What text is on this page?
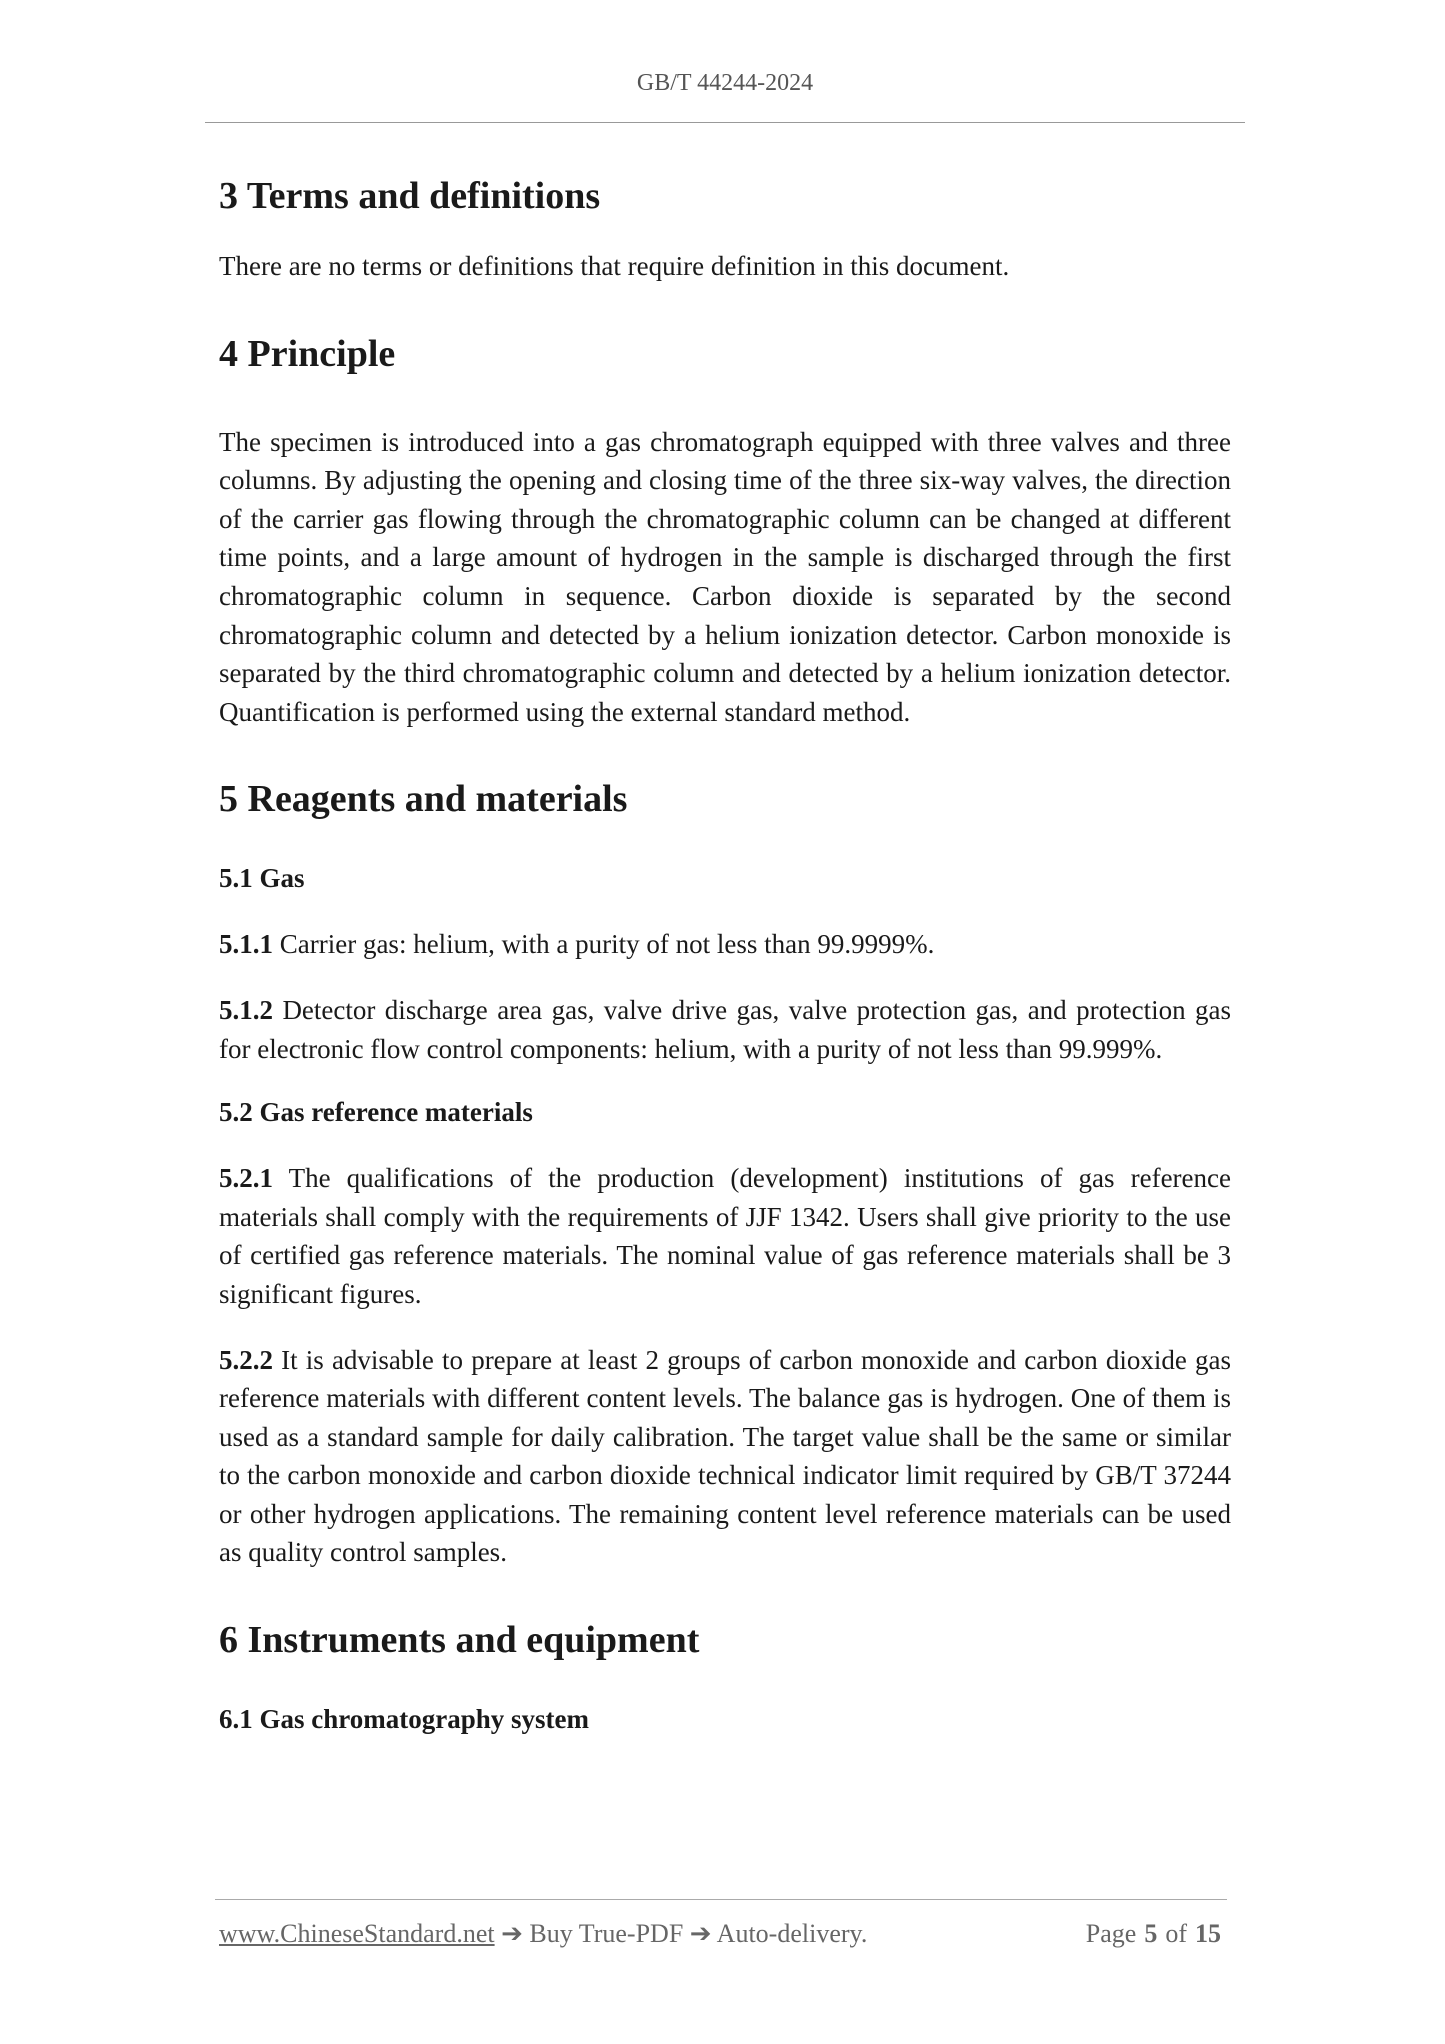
GB/T 44244-2024
3 Terms and definitions

There are no terms or definitions that require definition in this document.

4 Principle

The specimen is introduced into a gas chromatograph equipped with three valves and three columns. By adjusting the opening and closing time of the three six-way valves, the direction of the carrier gas flowing through the chromatographic column can be changed at different time points, and a large amount of hydrogen in the sample is discharged through the first chromatographic column in sequence. Carbon dioxide is separated by the second chromatographic column and detected by a helium ionization detector. Carbon monoxide is separated by the third chromatographic column and detected by a helium ionization detector. Quantification is performed using the external standard method.

5 Reagents and materials
5.1 Gas

5.1.1 Carrier gas: helium, with a purity of not less than 99.9999%.

5.1.2 Detector discharge area gas, valve drive gas, valve protection gas, and protection gas for electronic flow control components: helium, with a purity of not less than 99.999%.

5.2 Gas reference materials

5.2.1 The qualifications of the production (development) institutions of gas reference materials shall comply with the requirements of JJF 1342. Users shall give priority to the use of certified gas reference materials. The nominal value of gas reference materials shall be 3 significant figures.

5.2.2 It is advisable to prepare at least 2 groups of carbon monoxide and carbon dioxide gas reference materials with different content levels. The balance gas is hydrogen. One of them is used as a standard sample for daily calibration. The target value shall be the same or similar to the carbon monoxide and carbon dioxide technical indicator limit required by GB/T 37244 or other hydrogen applications. The remaining content level reference materials can be used as quality control samples.

6 Instruments and equipment
6.1 Gas chromatography system
www.ChineseStandard.net ➔ Buy True-PDF ➔ Auto-delivery.	Page 5 of 15
